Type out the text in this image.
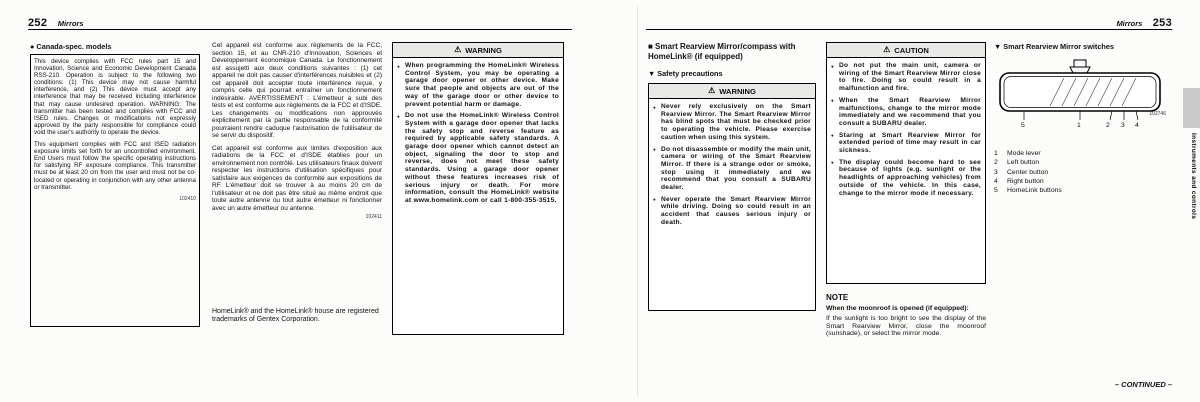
252 Mirrors
● Canada-spec. models

This device complies with FCC rules part 15 and Innovation, Science and Economic Development Canada RSS-210. Operation is subject to the following two conditions: (1) This device may not cause harmful interference, and (2) This device must accept any interference that may be received including interference that may cause undesired operation. WARNING: The transmitter has been tested and complies with FCC and ISED rules. Changes or modifications not expressly approved by the party responsible for compliance could void the user's authority to operate the device.

This equipment complies with FCC and ISED radiation exposure limits set forth for an uncontrolled environment. End Users must follow the specific operating instructions for satisfying RF exposure compliance. This transmitter must be at least 20 cm from the user and must not be co-located or operating in conjunction with any other antenna or transmitter.

102410
Cet appareil est conforme aux règlements de la FCC, section 15, et au CNR-210 d'Innovation, Sciences et Développement économique Canada. Le fonctionnement est assujetti aux deux conditions suivantes : (1) cet appareil ne doit pas causer d'interférences nuisibles et (2) cet appareil doit accepter toute interférence reçue, y compris celle qui pourrait entraîner un fonctionnement indésirable. AVERTISSEMENT : L'émetteur a subi des tests et est conforme aux règlements de la FCC et d'ISDE. Les changements ou modifications non approuvés explicitement par la partie responsable de la conformité pourraient rendre caduque l'autorisation de l'utilisateur de se servir du dispositif.
Cet appareil est conforme aux limites d'exposition aux radiations de la FCC et d'ISDE établies pour un environnement non contrôlé. Les utilisateurs finaux doivent respecter les instructions d'utilisation spécifiques pour satisfaire aux exigences de conformité aux expositions de RF. L'émetteur doit se trouver à au moins 20 cm de l'utilisateur et ne doit pas être situé au même endroit que toute autre antenne ou tout autre émetteur ni fonctionner avec un autre émetteur ou antenne.
102411
HomeLink® and the HomeLink® house are registered trademarks of Gentex Corporation.
⚠ WARNING
● When programming the HomeLink® Wireless Control System, you may be operating a garage door opener or other device. Make sure that people and objects are out of the way of the garage door or other device to prevent potential harm or damage.
● Do not use the HomeLink® Wireless Control System with a garage door opener that lacks the safety stop and reverse feature as required by applicable safety standards. A garage door opener which cannot detect an object, signaling the door to stop and reverse, does not meet these safety standards. Using a garage door opener without these features increases risk of serious injury or death. For more information, consult the HomeLink® website at www.homelink.com or call 1-800-355-3515.
Mirrors 253
■ Smart Rearview Mirror/compass with HomeLink® (if equipped)
▼ Safety precautions
⚠ WARNING
● Never rely exclusively on the Smart Rearview Mirror. The Smart Rearview Mirror has blind spots that must be checked prior to operating the vehicle. Please exercise caution when using this system.
● Do not disassemble or modify the main unit, camera or wiring of the Smart Rearview Mirror. If there is a strange odor or smoke, stop using it immediately and we recommend that you consult a SUBARU dealer.
● Never operate the Smart Rearview Mirror while driving. Doing so could result in an accident that causes serious injury or death.
⚠ CAUTION
● Do not put the main unit, camera or wiring of the Smart Rearview Mirror close to fire. Doing so could result in a malfunction and fire.
● When the Smart Rearview Mirror malfunctions, change to the mirror mode immediately and we recommend that you consult a SUBARU dealer.
● Staring at Smart Rearview Mirror for extended period of time may result in car sickness.
● The display could become hard to see because of lights (e.g. sunlight or the headlights of approaching vehicles) from outside of the vehicle. In this case, change to the mirror mode if necessary.
NOTE
When the moonroof is opened (if equipped):
If the sunlight is too bright to see the display of the Smart Rearview Mirror, close the moonroof (sunshade), or select the mirror mode.
▼ Smart Rearview Mirror switches
102746
5	1	2 3 4
1	Mode lever
2	Left button
3	Center button
4	Right button
5	HomeLink buttons	Instruments and controls
– CONTINUED –
